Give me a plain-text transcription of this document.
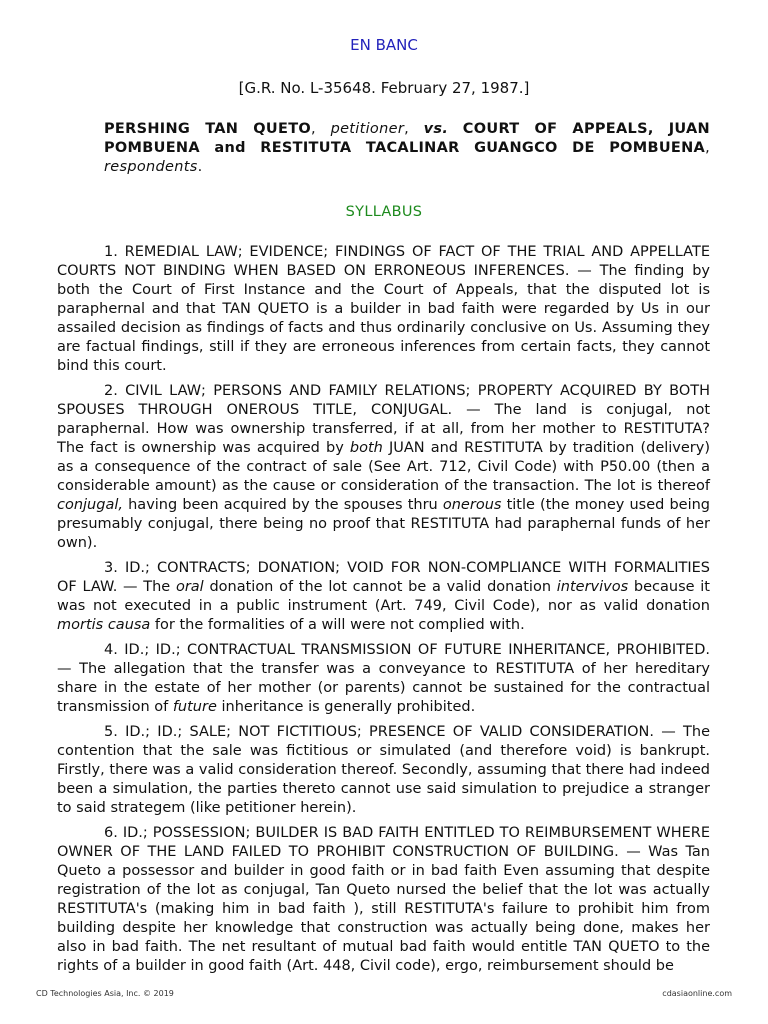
EN BANC
[G.R. No. L-35648. February 27, 1987.]
PERSHING TAN QUETO, petitioner, vs. COURT OF APPEALS, JUAN POMBUENA and RESTITUTA TACALINAR GUANGCO DE POMBUENA, respondents.
SYLLABUS

1. REMEDIAL LAW; EVIDENCE; FINDINGS OF FACT OF THE TRIAL AND APPELLATE COURTS NOT BINDING WHEN BASED ON ERRONEOUS INFERENCES. — The finding by both the Court of First Instance and the Court of Appeals, that the disputed lot is paraphernal and that TAN QUETO is a builder in bad faith were regarded by Us in our assailed decision as findings of facts and thus ordinarily conclusive on Us. Assuming they are factual findings, still if they are erroneous inferences from certain facts, they cannot bind this court.

2. CIVIL LAW; PERSONS AND FAMILY RELATIONS; PROPERTY ACQUIRED BY BOTH SPOUSES THROUGH ONEROUS TITLE, CONJUGAL. — The land is conjugal, not paraphernal. How was ownership transferred, if at all, from her mother to RESTITUTA? The fact is ownership was acquired by both JUAN and RESTITUTA by tradition (delivery) as a consequence of the contract of sale (See Art. 712, Civil Code) with P50.00 (then a considerable amount) as the cause or consideration of the transaction. The lot is thereof conjugal, having been acquired by the spouses thru onerous title (the money used being presumably conjugal, there being no proof that RESTITUTA had paraphernal funds of her own).

3. ID.; CONTRACTS; DONATION; VOID FOR NON-COMPLIANCE WITH FORMALITIES OF LAW. — The oral donation of the lot cannot be a valid donation intervivos because it was not executed in a public instrument (Art. 749, Civil Code), nor as valid donation mortis causa for the formalities of a will were not complied with.

4. ID.; ID.; CONTRACTUAL TRANSMISSION OF FUTURE INHERITANCE, PROHIBITED. — The allegation that the transfer was a conveyance to RESTITUTA of her hereditary share in the estate of her mother (or parents) cannot be sustained for the contractual transmission of future inheritance is generally prohibited.

5. ID.; ID.; SALE; NOT FICTITIOUS; PRESENCE OF VALID CONSIDERATION. — The contention that the sale was fictitious or simulated (and therefore void) is bankrupt. Firstly, there was a valid consideration thereof. Secondly, assuming that there had indeed been a simulation, the parties thereto cannot use said simulation to prejudice a stranger to said strategem (like petitioner herein).

6. ID.; POSSESSION; BUILDER IS BAD FAITH ENTITLED TO REIMBURSEMENT WHERE OWNER OF THE LAND FAILED TO PROHIBIT CONSTRUCTION OF BUILDING. — Was Tan Queto a possessor and builder in good faith or in bad faith Even assuming that despite registration of the lot as conjugal, Tan Queto nursed the belief that the lot was actually RESTITUTA's (making him in bad faith ), still RESTITUTA's failure to prohibit him from building despite her knowledge that construction was actually being done, makes her also in bad faith. The net resultant of mutual bad faith would entitle TAN QUETO to the rights of a builder in good faith (Art. 448, Civil code), ergo, reimbursement should be

CD Technologies Asia, Inc. © 2019	cdasiaonline.com
